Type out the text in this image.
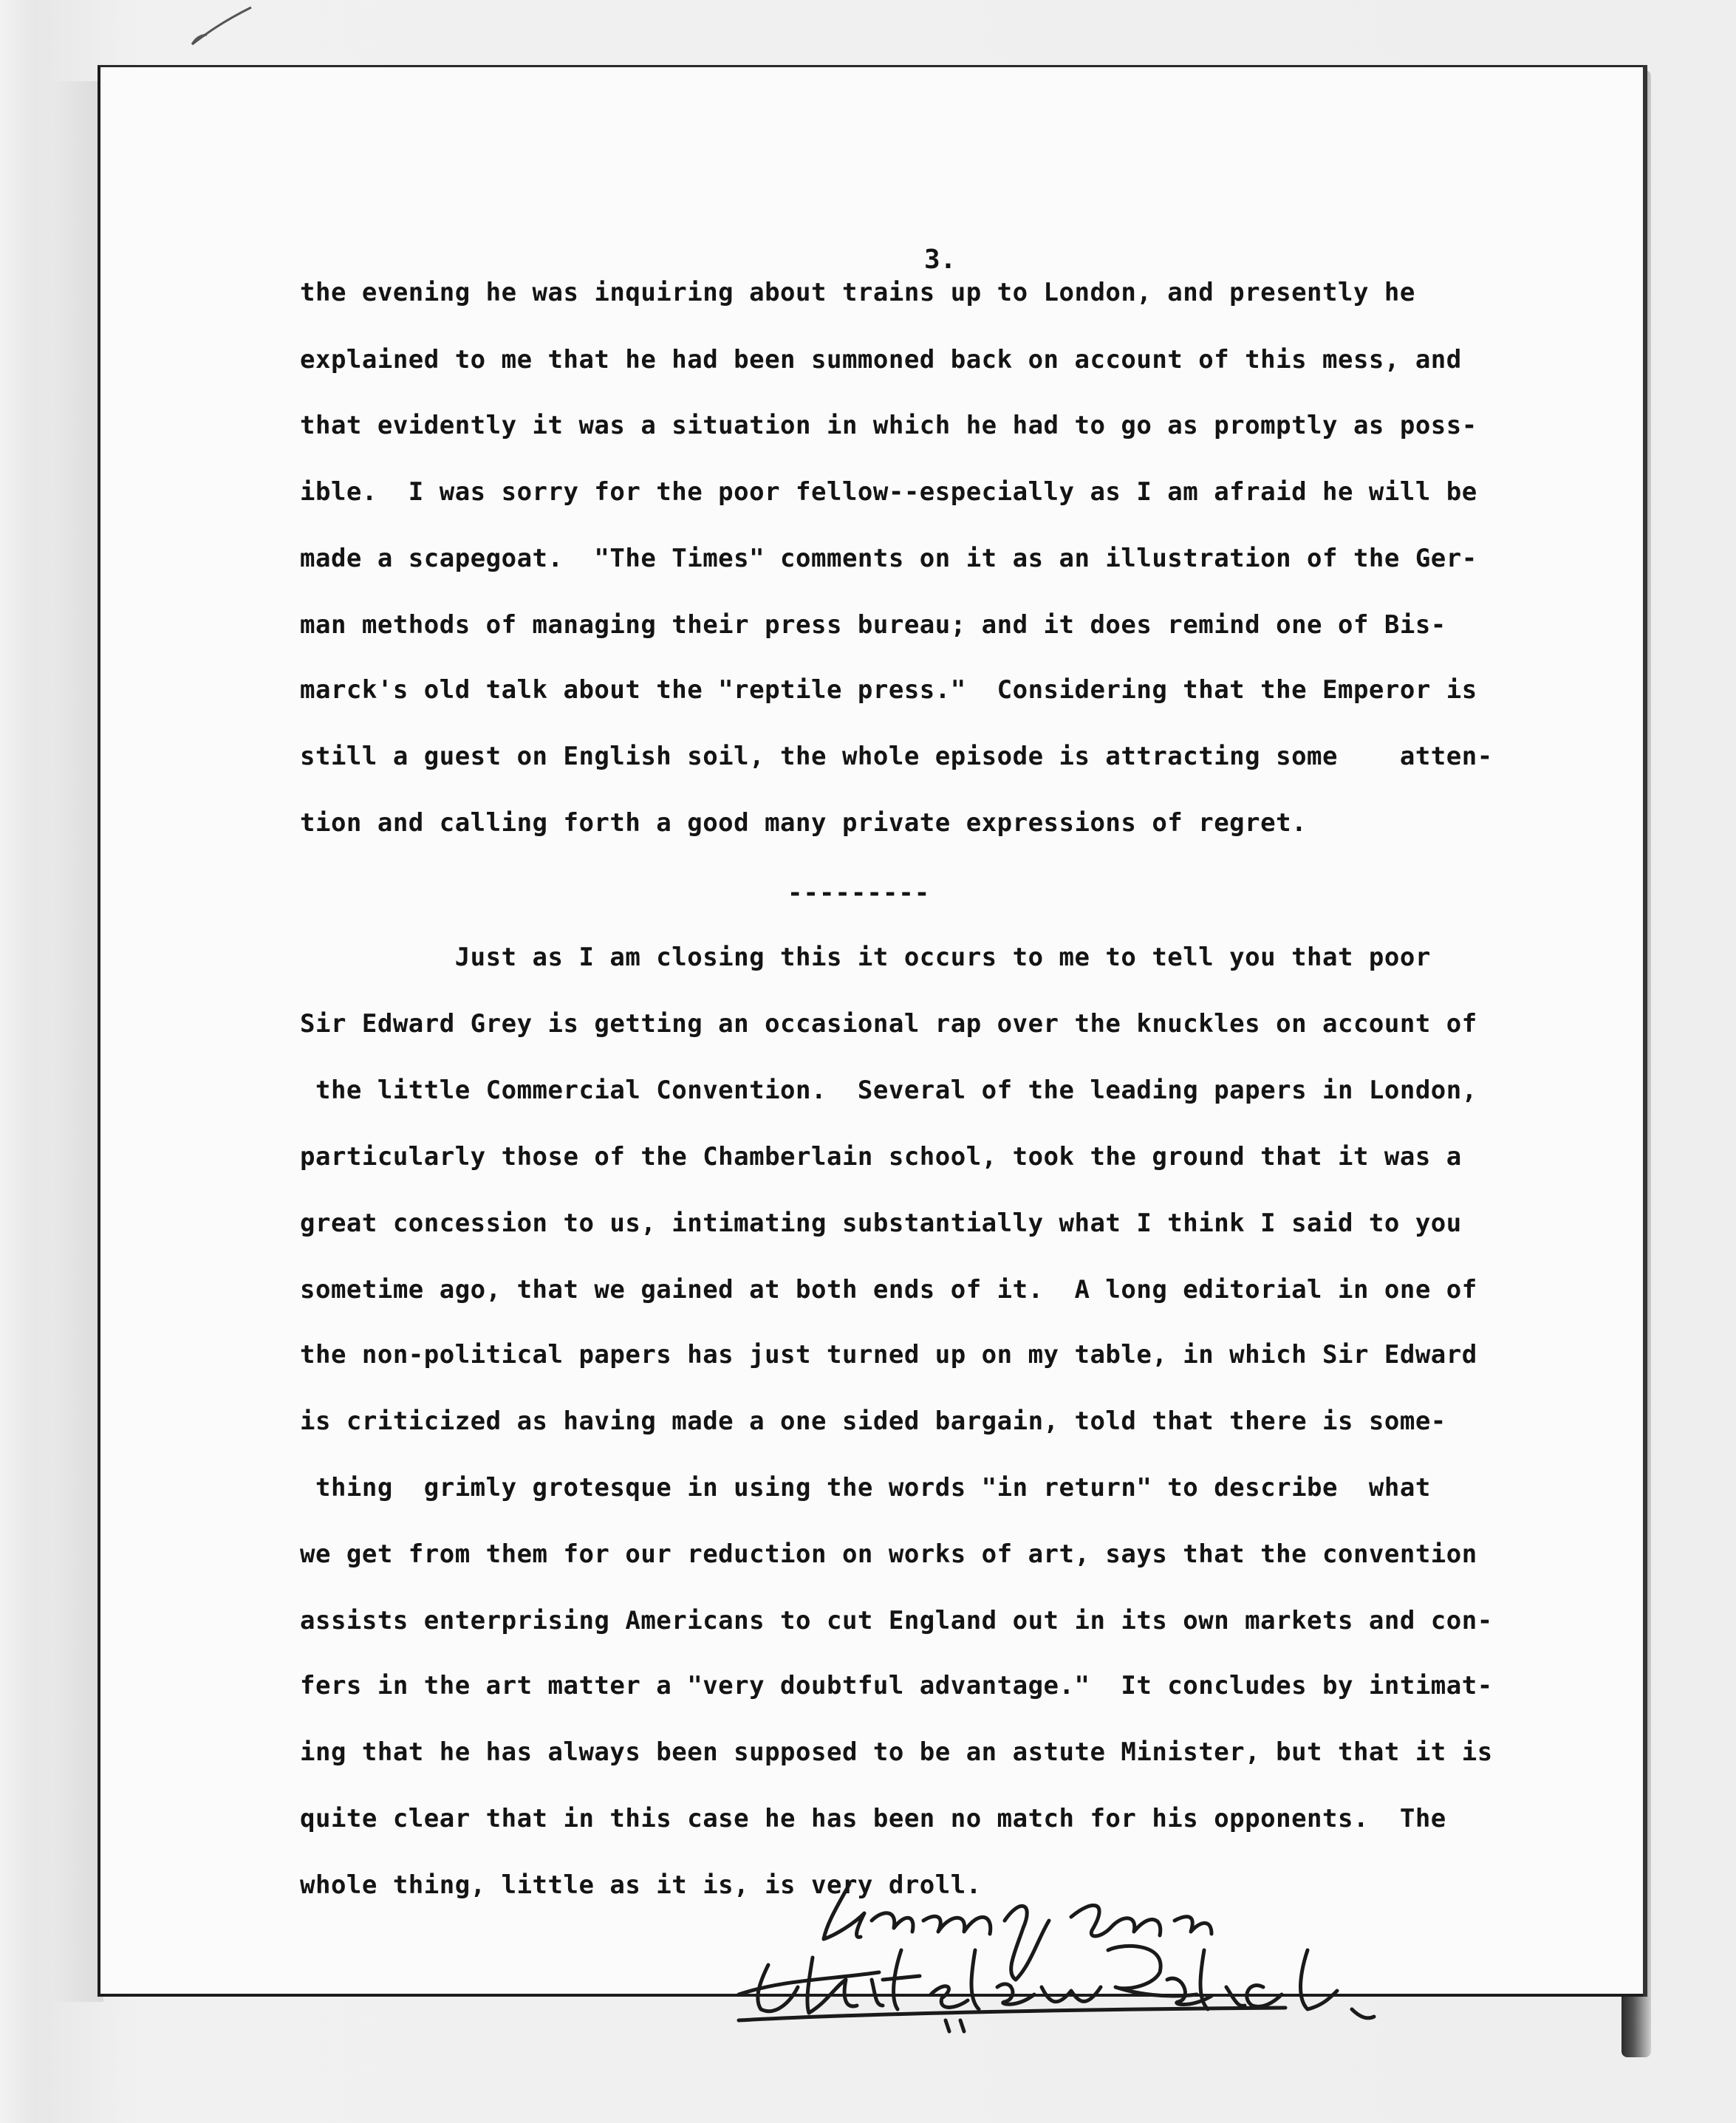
3.
the evening he was inquiring about trains up to London, and presently he
explained to me that he had been summoned back on account of this mess, and
that evidently it was a situation in which he had to go as promptly as poss-
ible.  I was sorry for the poor fellow--especially as I am afraid he will be
made a scapegoat.  "The Times" comments on it as an illustration of the Ger-
man methods of managing their press bureau; and it does remind one of Bis-
marck's old talk about the "reptile press."  Considering that the Emperor is
still a guest on English soil, the whole episode is attracting some    atten-
tion and calling forth a good many private expressions of regret.
---------
Just as I am closing this it occurs to me to tell you that poor
Sir Edward Grey is getting an occasional rap over the knuckles on account of
the little Commercial Convention.  Several of the leading papers in London,
particularly those of the Chamberlain school, took the ground that it was a
great concession to us, intimating substantially what I think I said to you
sometime ago, that we gained at both ends of it.  A long editorial in one of
the non-political papers has just turned up on my table, in which Sir Edward
is criticized as having made a one sided bargain, told that there is some-
thing  grimly grotesque in using the words "in return" to describe  what
we get from them for our reduction on works of art, says that the convention
assists enterprising Americans to cut England out in its own markets and con-
fers in the art matter a "very doubtful advantage."  It concludes by intimat-
ing that he has always been supposed to be an astute Minister, but that it is
quite clear that in this case he has been no match for his opponents.  The
whole thing, little as it is, is very droll.
